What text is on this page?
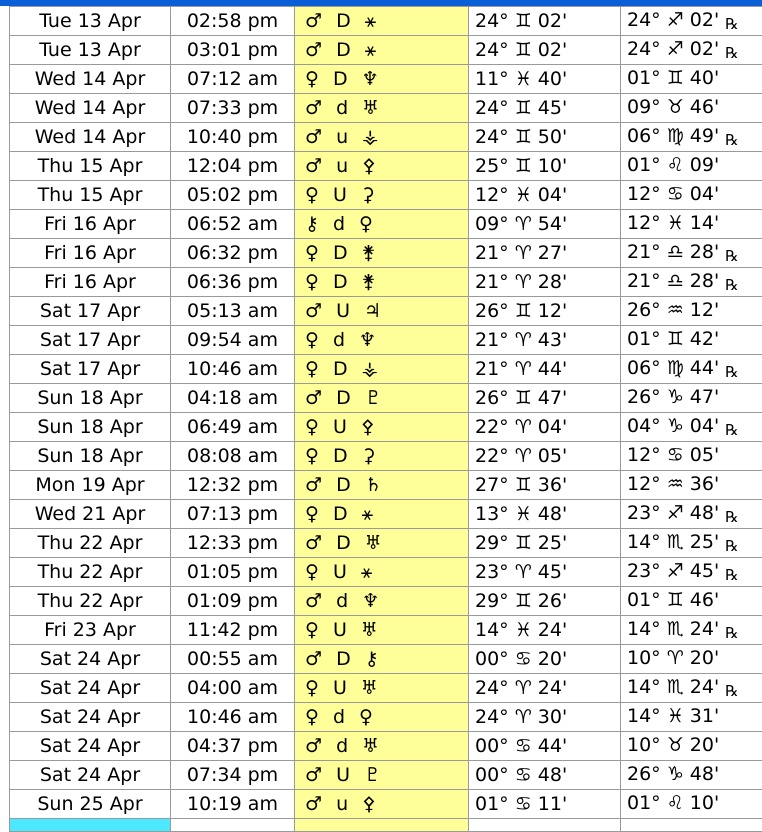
Tue 13 Apr	02:58 pm	♂ D ⚹	24° ♊ 02'	24° ♐ 02' ℞
Tue 13 Apr	03:01 pm	♂ D ⚹	24° ♊ 02'	24° ♐ 02' ℞
Wed 14 Apr	07:12 am	♀ D ♆	11° ♓ 40'	01° ♊ 40'
Wed 14 Apr	07:33 pm	♂ d ♅	24° ♊ 45'	09° ♉ 46'
Wed 14 Apr	10:40 pm	♂ u ⚶	24° ♊ 50'	06° ♍ 49' ℞
Thu 15 Apr	12:04 pm	♂ u ⚴	25° ♊ 10'	01° ♌ 09'
Thu 15 Apr	05:02 pm	♀ U ⚳	12° ♓ 04'	12° ♋ 04'
Fri 16 Apr	06:52 am	⚷ d ♀	09° ♈ 54'	12° ♓ 14'
Fri 16 Apr	06:32 pm	♀ D ⚵	21° ♈ 27'	21° ♎ 28' ℞
Fri 16 Apr	06:36 pm	♀ D ⚵	21° ♈ 28'	21° ♎ 28' ℞
Sat 17 Apr	05:13 am	♂ U ♃	26° ♊ 12'	26° ♒ 12'
Sat 17 Apr	09:54 am	♀ d ♆	21° ♈ 43'	01° ♊ 42'
Sat 17 Apr	10:46 am	♀ D ⚶	21° ♈ 44'	06° ♍ 44' ℞
Sun 18 Apr	04:18 am	♂ D ♇	26° ♊ 47'	26° ♑ 47'
Sun 18 Apr	06:49 am	♀ U ⚴	22° ♈ 04'	04° ♑ 04' ℞
Sun 18 Apr	08:08 am	♀ D ⚳	22° ♈ 05'	12° ♋ 05'
Mon 19 Apr	12:32 pm	♂ D ♄	27° ♊ 36'	12° ♒ 36'
Wed 21 Apr	07:13 pm	♀ D ⚹	13° ♓ 48'	23° ♐ 48' ℞
Thu 22 Apr	12:33 pm	♂ D ♅	29° ♊ 25'	14° ♏ 25' ℞
Thu 22 Apr	01:05 pm	♀ U ⚹	23° ♈ 45'	23° ♐ 45' ℞
Thu 22 Apr	01:09 pm	♂ d ♆	29° ♊ 26'	01° ♊ 46'
Fri 23 Apr	11:42 pm	♀ U ♅	14° ♓ 24'	14° ♏ 24' ℞
Sat 24 Apr	00:55 am	♂ D ⚷	00° ♋ 20'	10° ♈ 20'
Sat 24 Apr	04:00 am	♀ U ♅	24° ♈ 24'	14° ♏ 24' ℞
Sat 24 Apr	10:46 am	♀ d ♀	24° ♈ 30'	14° ♓ 31'
Sat 24 Apr	04:37 pm	♂ d ♅	00° ♋ 44'	10° ♉ 20'
Sat 24 Apr	07:34 pm	♂ U ♇	00° ♋ 48'	26° ♑ 48'
Sun 25 Apr	10:19 am	♂ u ⚴	01° ♋ 11'	01° ♌ 10'
